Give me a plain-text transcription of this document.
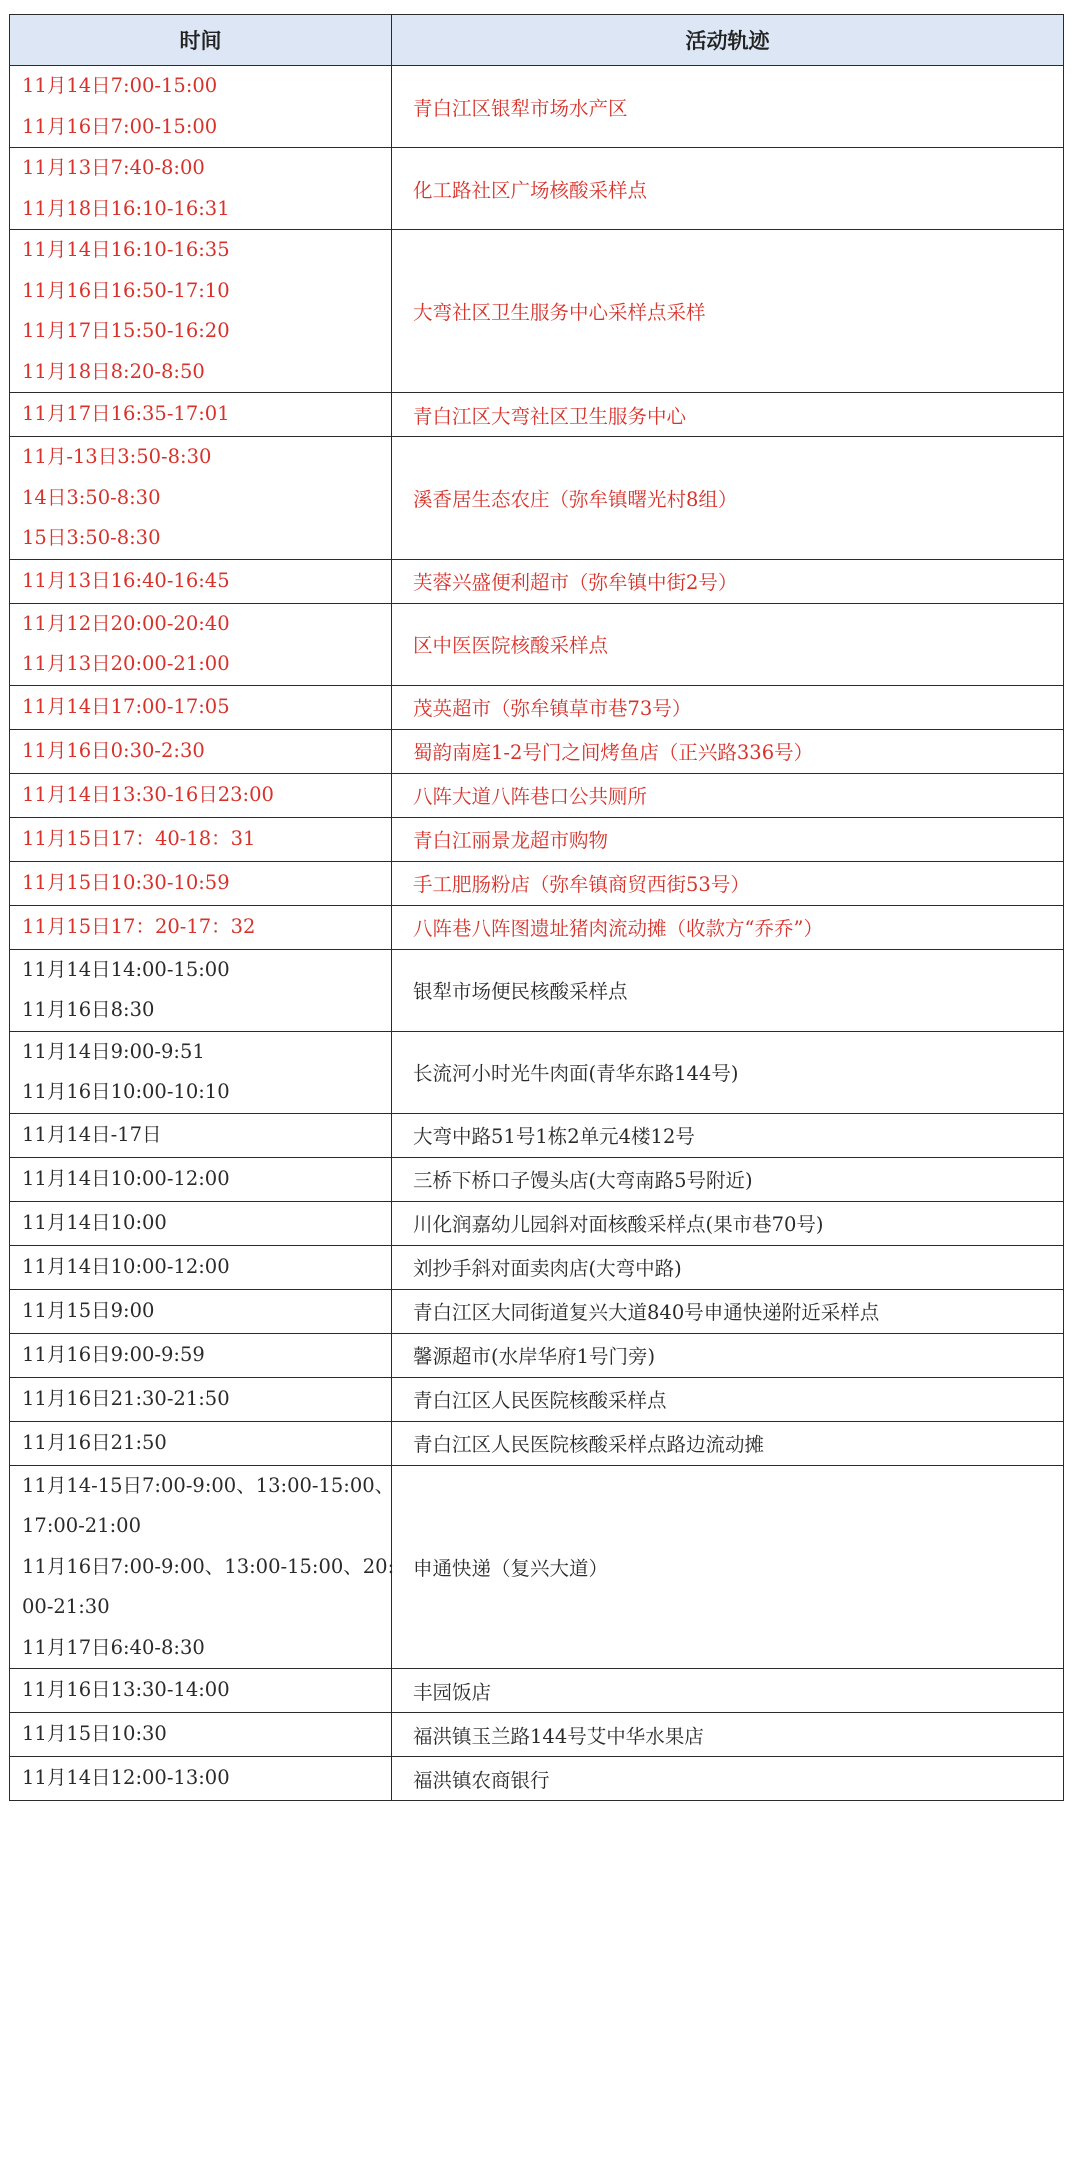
时间	活动轨迹

11月14日7:00-15:00
11月16日7:00-15:00	青白江区银犁市场水产区

11月13日7:40-8:00
11月18日16:10-16:31	化工路社区广场核酸采样点

11月14日16:10-16:35
11月16日16:50-17:10
11月17日15:50-16:20
11月18日8:20-8:50	大弯社区卫生服务中心采样点采样

11月17日16:35-17:01	青白江区大弯社区卫生服务中心

11月-13日3:50-8:30
14日3:50-8:30
15日3:50-8:30	溪香居生态农庄（弥牟镇曙光村8组）

11月13日16:40-16:45	芙蓉兴盛便利超市（弥牟镇中街2号）

11月12日20:00-20:40
11月13日20:00-21:00	区中医医院核酸采样点

11月14日17:00-17:05	茂英超市（弥牟镇草市巷73号）

11月16日0:30-2:30	蜀韵南庭1-2号门之间烤鱼店（正兴路336号）

11月14日13:30-16日23:00	八阵大道八阵巷口公共厕所

11月15日17：40-18：31	青白江丽景龙超市购物

11月15日10:30-10:59	手工肥肠粉店（弥牟镇商贸西街53号）

11月15日17：20-17：32	八阵巷八阵图遗址猪肉流动摊（收款方“乔乔”）

11月14日14:00-15:00
11月16日8:30	银犁市场便民核酸采样点

11月14日9:00-9:51
11月16日10:00-10:10	长流河小时光牛肉面(青华东路144号)

11月14日-17日	大弯中路51号1栋2单元4楼12号

11月14日10:00-12:00	三桥下桥口子馒头店(大弯南路5号附近)

11月14日10:00	川化润嘉幼儿园斜对面核酸采样点(果市巷70号)

11月14日10:00-12:00	刘抄手斜对面卖肉店(大弯中路)

11月15日9:00	青白江区大同街道复兴大道840号申通快递附近采样点

11月16日9:00-9:59	馨源超市(水岸华府1号门旁)

11月16日21:30-21:50	青白江区人民医院核酸采样点

11月16日21:50	青白江区人民医院核酸采样点路边流动摊

11月14-15日7:00-9:00、13:00-15:00、
17:00-21:00
11月16日7:00-9:00、13:00-15:00、20:
00-21:30
11月17日6:40-8:30	申通快递（复兴大道）

11月16日13:30-14:00	丰园饭店

11月15日10:30	福洪镇玉兰路144号艾中华水果店

11月14日12:00-13:00	福洪镇农商银行
